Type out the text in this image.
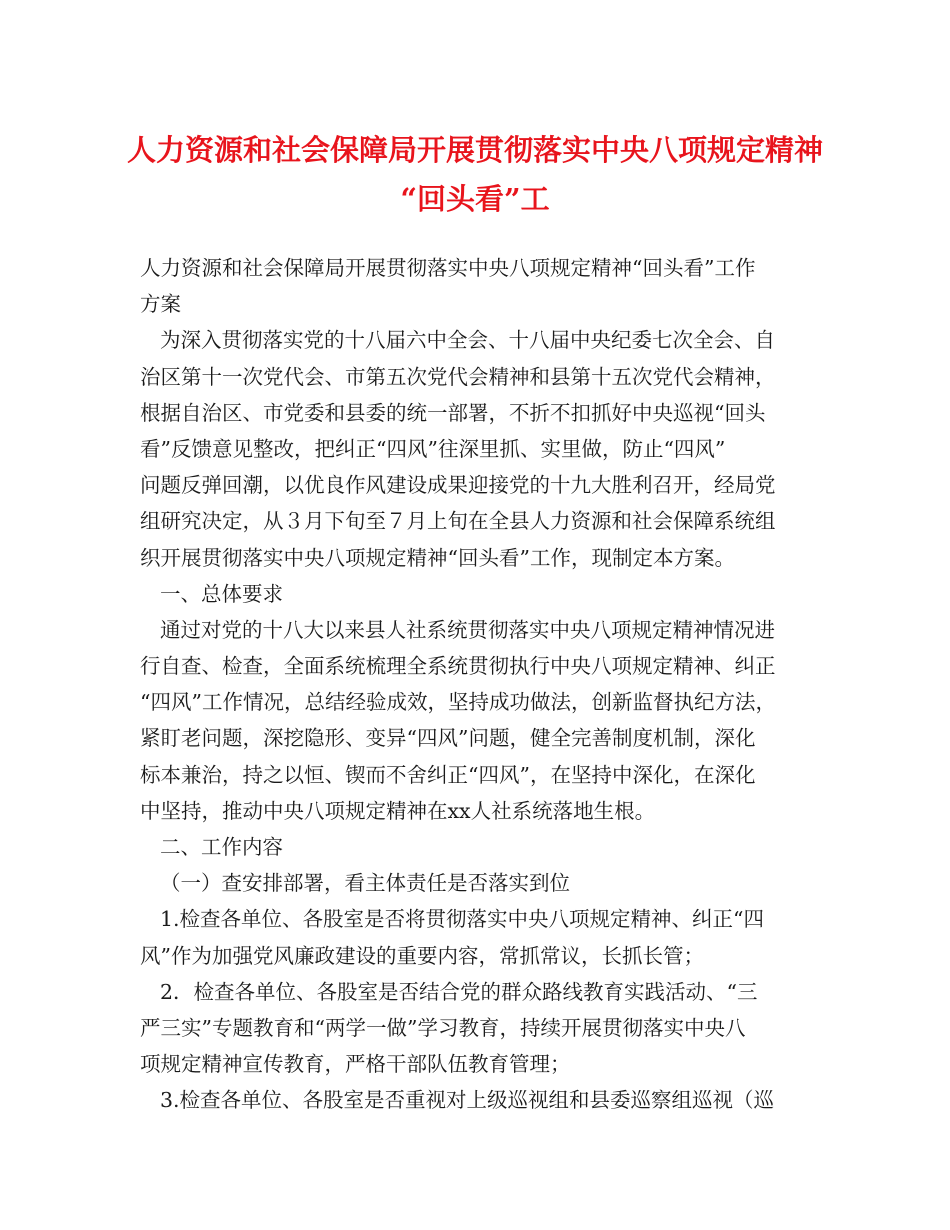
人力资源和社会保障局开展贯彻落实中央八项规定精神
“回头看”工
人力资源和社会保障局开展贯彻落实中央八项规定精神“回头看”工作
方案
为深入贯彻落实党的十八届六中全会、十八届中央纪委七次全会、自
治区第十一次党代会、市第五次党代会精神和县第十五次党代会精神，
根据自治区、市党委和县委的统一部署，不折不扣抓好中央巡视“回头
看”反馈意见整改，把纠正“四风”往深里抓、实里做，防止“四风”
问题反弹回潮，以优良作风建设成果迎接党的十九大胜利召开，经局党
组研究决定，从３月下旬至７月上旬在全县人力资源和社会保障系统组
织开展贯彻落实中央八项规定精神“回头看”工作，现制定本方案。
一、总体要求
通过对党的十八大以来县人社系统贯彻落实中央八项规定精神情况进
行自查、检查，全面系统梳理全系统贯彻执行中央八项规定精神、纠正
“四风”工作情况，总结经验成效，坚持成功做法，创新监督执纪方法，
紧盯老问题，深挖隐形、变异“四风”问题，健全完善制度机制，深化
标本兼治，持之以恒、锲而不舍纠正“四风”，在坚持中深化，在深化
中坚持，推动中央八项规定精神在xx人社系统落地生根。
二、工作内容
（一）查安排部署，看主体责任是否落实到位
1.检查各单位、各股室是否将贯彻落实中央八项规定精神、纠正“四
风”作为加强党风廉政建设的重要内容，常抓常议，长抓长管；
2．检查各单位、各股室是否结合党的群众路线教育实践活动、“三
严三实”专题教育和“两学一做”学习教育，持续开展贯彻落实中央八
项规定精神宣传教育，严格干部队伍教育管理；
3.检查各单位、各股室是否重视对上级巡视组和县委巡察组巡视（巡
